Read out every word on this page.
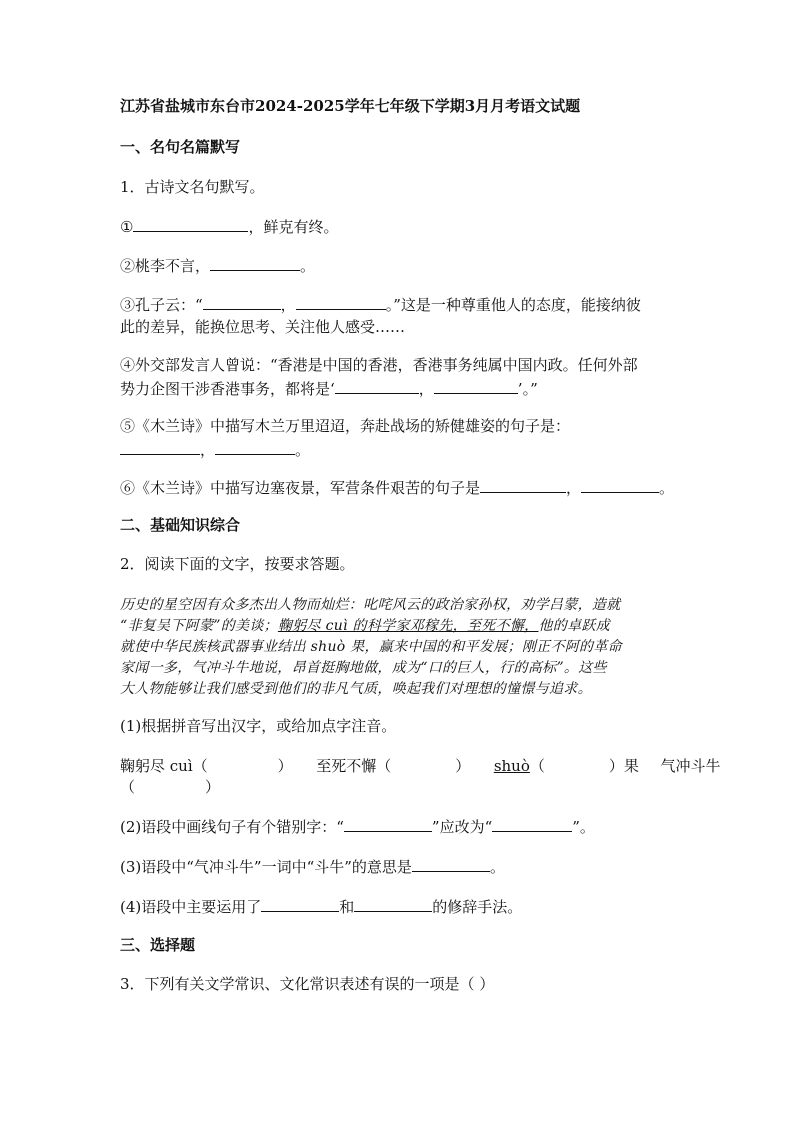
江苏省盐城市东台市2024-2025学年七年级下学期3月月考语文试题
一、名句名篇默写
1．古诗文名句默写。
①	，鲜克有终。
②桃李不言，	。
③孔子云：“	，	。”这是一种尊重他人的态度，能接纳彼
此的差异，能换位思考、关注他人感受……
④外交部发言人曾说：“香港是中国的香港，香港事务纯属中国内政。任何外部
势力企图干涉香港事务，都将是‘	，	’。”
⑤《木兰诗》中描写木兰万里迢迢，奔赴战场的矫健雄姿的句子是：
，	。
⑥《木兰诗》中描写边塞夜景，军营条件艰苦的句子是	，	。
二、基础知识综合
2．阅读下面的文字，按要求答题。
历史的星空因有众多杰出人物而灿烂：叱咤风云的政治家孙权，劝学吕蒙，造就
“非复吴下阿蒙”的美谈；鞠躬尽 cuì 的科学家邓稼先，至死不懈，他的卓跃成
就使中华民族核武器事业结出 shuò 果，赢来中国的和平发展；刚正不阿的革命
家闻一多，气冲斗牛地说，昂首挺胸地做，成为“口的巨人，行的高标”。这些
大人物能够让我们感受到他们的非凡气质，唤起我们对理想的憧憬与追求。
(1)根据拼音写出汉字，或给加点字注音。
鞠躬尽 cuì（	） 至死不懈（	） shuò（	）果 气冲斗牛
（	）
(2)语段中画线句子有个错别字：“	”应改为“	”。
(3)语段中“气冲斗牛”一词中“斗牛”的意思是	。
(4)语段中主要运用了	和	的修辞手法。
三、选择题
3．下列有关文学常识、文化常识表述有误的一项是（ ）
